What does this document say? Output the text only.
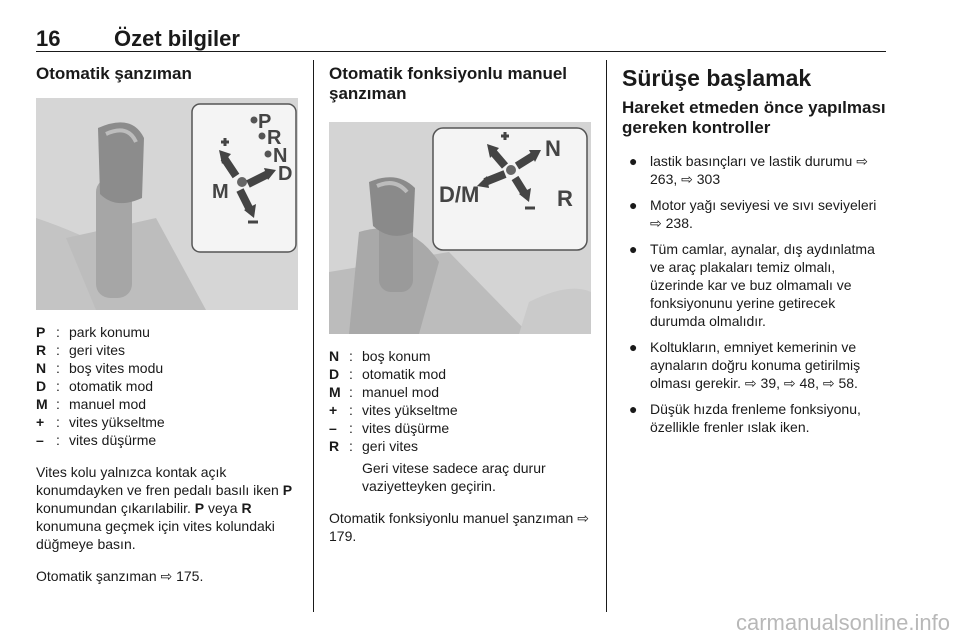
16 Özet bilgiler
Otomatik şanzıman
P
R
N
D
M
P : park konumu
R : geri vites
N : boş vites modu
D : otomatik mod
M : manuel mod
+ : vites yükseltme
– : vites düşürme

Vites kolu yalnızca kontak açık konumdayken ve fren pedalı basılı iken P konumundan çıkarılabilir. P veya R konumuna geçmek için vites kolundaki düğmeye basın.

Otomatik şanzıman ⇨ 175.

Otomatik fonksiyonlu manuel şanzıman
N
D/M	R
N : boş konum
D : otomatik mod
M : manuel mod
+ : vites yükseltme
– : vites düşürme
R : geri vites

Geri vitese sadece araç durur vaziyetteyken geçirin.

Otomatik fonksiyonlu manuel şanzıman ⇨ 179.

Sürüşe başlamak
Hareket etmeden önce yapılması gereken kontroller
● lastik basınçları ve lastik durumu ⇨ 263, ⇨ 303
● Motor yağı seviyesi ve sıvı seviyeleri ⇨ 238.
● Tüm camlar, aynalar, dış aydınlatma ve araç plakaları temiz olmalı, üzerinde kar ve buz olmamalı ve fonksiyonunu yerine getirecek durumda olmalıdır.
● Koltukların, emniyet kemerinin ve aynaların doğru konuma getirilmiş olması gerekir. ⇨ 39, ⇨ 48, ⇨ 58.
● Düşük hızda frenleme fonksiyonu, özellikle frenler ıslak iken.
carmanualsonline.info
